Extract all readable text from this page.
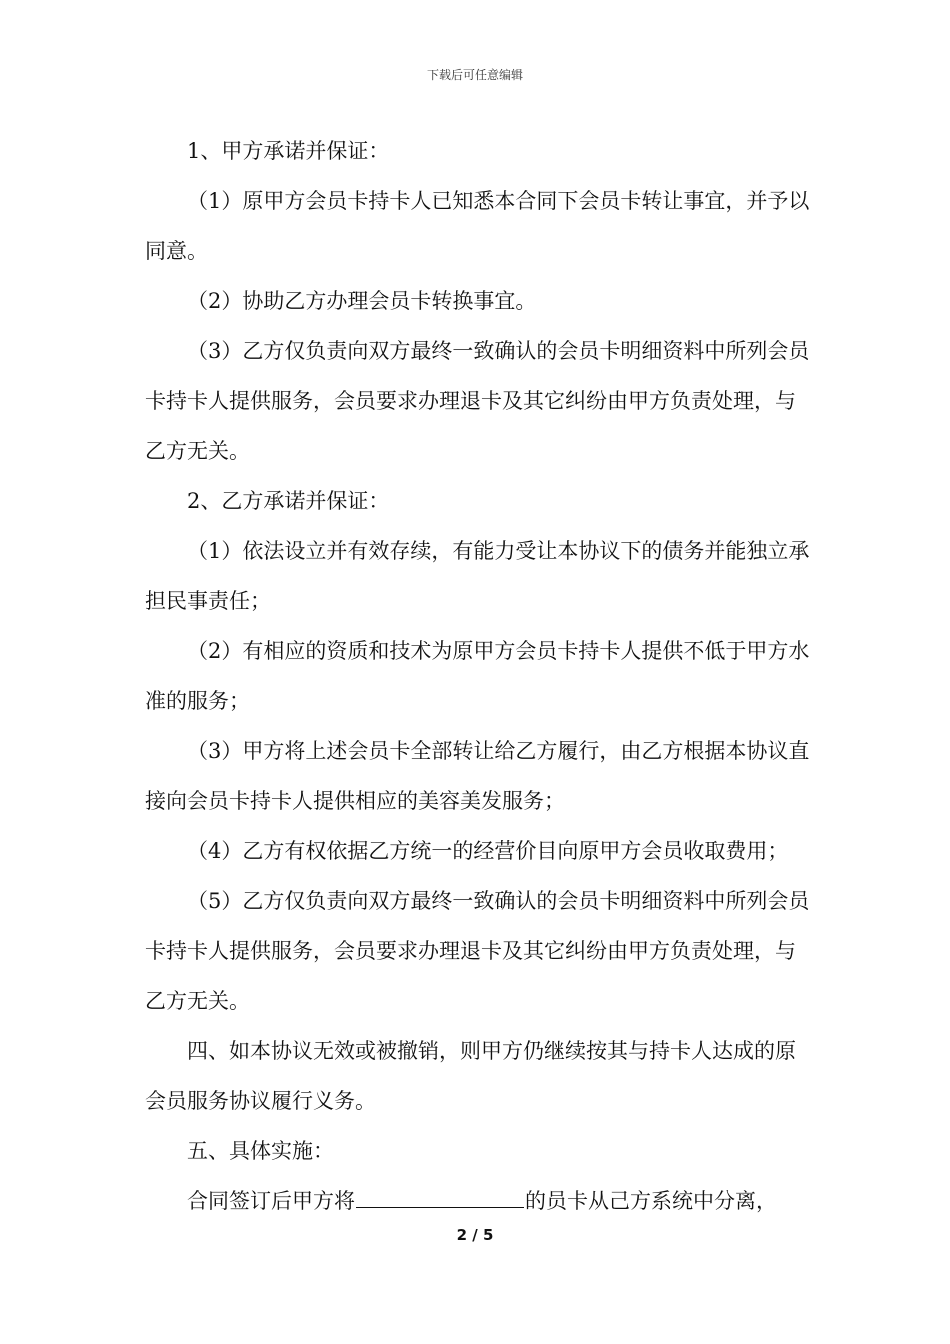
下载后可任意编辑

1、甲方承诺并保证：

（1）原甲方会员卡持卡人已知悉本合同下会员卡转让事宜，并予以同意。

（2）协助乙方办理会员卡转换事宜。

（3）乙方仅负责向双方最终一致确认的会员卡明细资料中所列会员卡持卡人提供服务，会员要求办理退卡及其它纠纷由甲方负责处理，与乙方无关。

2、乙方承诺并保证：

（1）依法设立并有效存续，有能力受让本协议下的债务并能独立承担民事责任；

（2）有相应的资质和技术为原甲方会员卡持卡人提供不低于甲方水准的服务；

（3）甲方将上述会员卡全部转让给乙方履行，由乙方根据本协议直接向会员卡持卡人提供相应的美容美发服务；

（4）乙方有权依据乙方统一的经营价目向原甲方会员收取费用；

（5）乙方仅负责向双方最终一致确认的会员卡明细资料中所列会员卡持卡人提供服务，会员要求办理退卡及其它纠纷由甲方负责处理，与乙方无关。

四、如本协议无效或被撤销，则甲方仍继续按其与持卡人达成的原会员服务协议履行义务。

五、具体实施：

合同签订后甲方将	的员卡从己方系统中分离，

2 / 5
